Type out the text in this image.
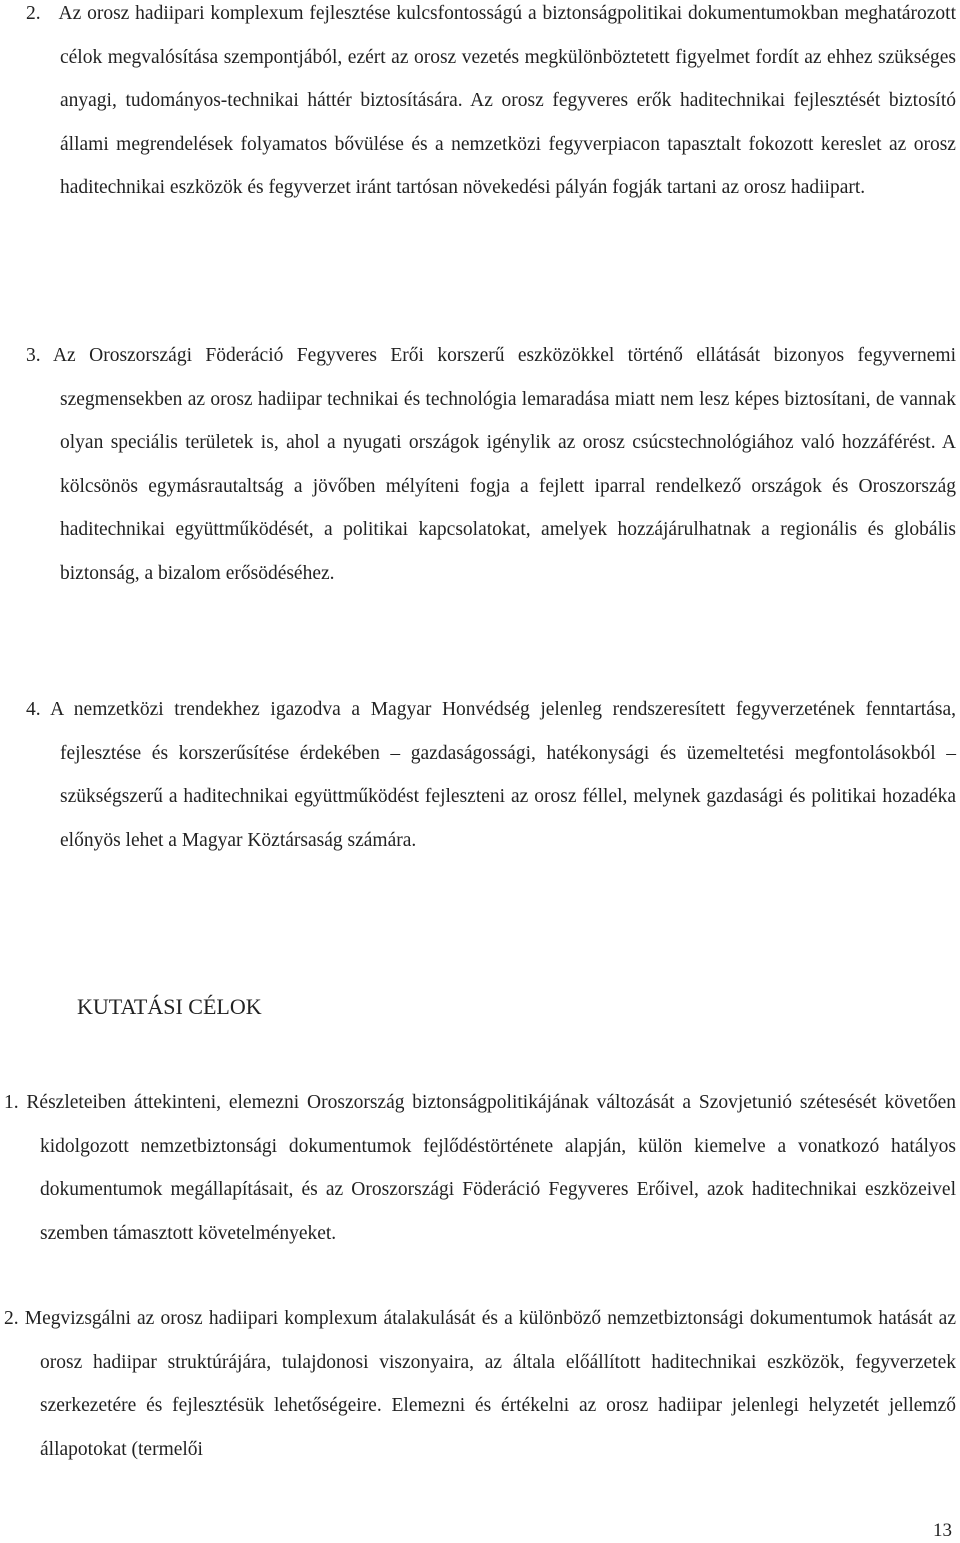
2. Az orosz hadiipari komplexum fejlesztése kulcsfontosságú a biztonságpolitikai dokumentumokban meghatározott célok megvalósítása szempontjából, ezért az orosz vezetés megkülönböztetett figyelmet fordít az ehhez szükséges anyagi, tudományos-technikai háttér biztosítására. Az orosz fegyveres erők haditechnikai fejlesztését biztosító állami megrendelések folyamatos bővülése és a nemzetközi fegyverpiacon tapasztalt fokozott kereslet az orosz haditechnikai eszközök és fegyverzet iránt tartósan növekedési pályán fogják tartani az orosz hadiipart.
3. Az Oroszországi Föderáció Fegyveres Erői korszerű eszközökkel történő ellátását bizonyos fegyvernemi szegmensekben az orosz hadiipar technikai és technológia lemaradása miatt nem lesz képes biztosítani, de vannak olyan speciális területek is, ahol a nyugati országok igénylik az orosz csúcstechnológiához való hozzáférést. A kölcsönös egymásrautaltság a jövőben mélyíteni fogja a fejlett iparral rendelkező országok és Oroszország haditechnikai együttműködését, a politikai kapcsolatokat, amelyek hozzájárulhatnak a regionális és globális biztonság, a bizalom erősödéséhez.
4. A nemzetközi trendekhez igazodva a Magyar Honvédség jelenleg rendszeresített fegyverzetének fenntartása, fejlesztése és korszerűsítése érdekében – gazdaságossági, hatékonysági és üzemeltetési megfontolásokból – szükségszerű a haditechnikai együttműködést fejleszteni az orosz féllel, melynek gazdasági és politikai hozadéka előnyös lehet a Magyar Köztársaság számára.
KUTATÁSI CÉLOK
1. Részleteiben áttekinteni, elemezni Oroszország biztonságpolitikájának változását a Szovjetunió szétesését követően kidolgozott nemzetbiztonsági dokumentumok fejlődéstörténete alapján, külön kiemelve a vonatkozó hatályos dokumentumok megállapításait, és az Oroszországi Föderáció Fegyveres Erőivel, azok haditechnikai eszközeivel szemben támasztott követelményeket.
2. Megvizsgálni az orosz hadiipari komplexum átalakulását és a különböző nemzetbiztonsági dokumentumok hatását az orosz hadiipar struktúrájára, tulajdonosi viszonyaira, az általa előállított haditechnikai eszközök, fegyverzetek szerkezetére és fejlesztésük lehetőségeire. Elemezni és értékelni az orosz hadiipar jelenlegi helyzetét jellemző állapotokat (termelői
13
